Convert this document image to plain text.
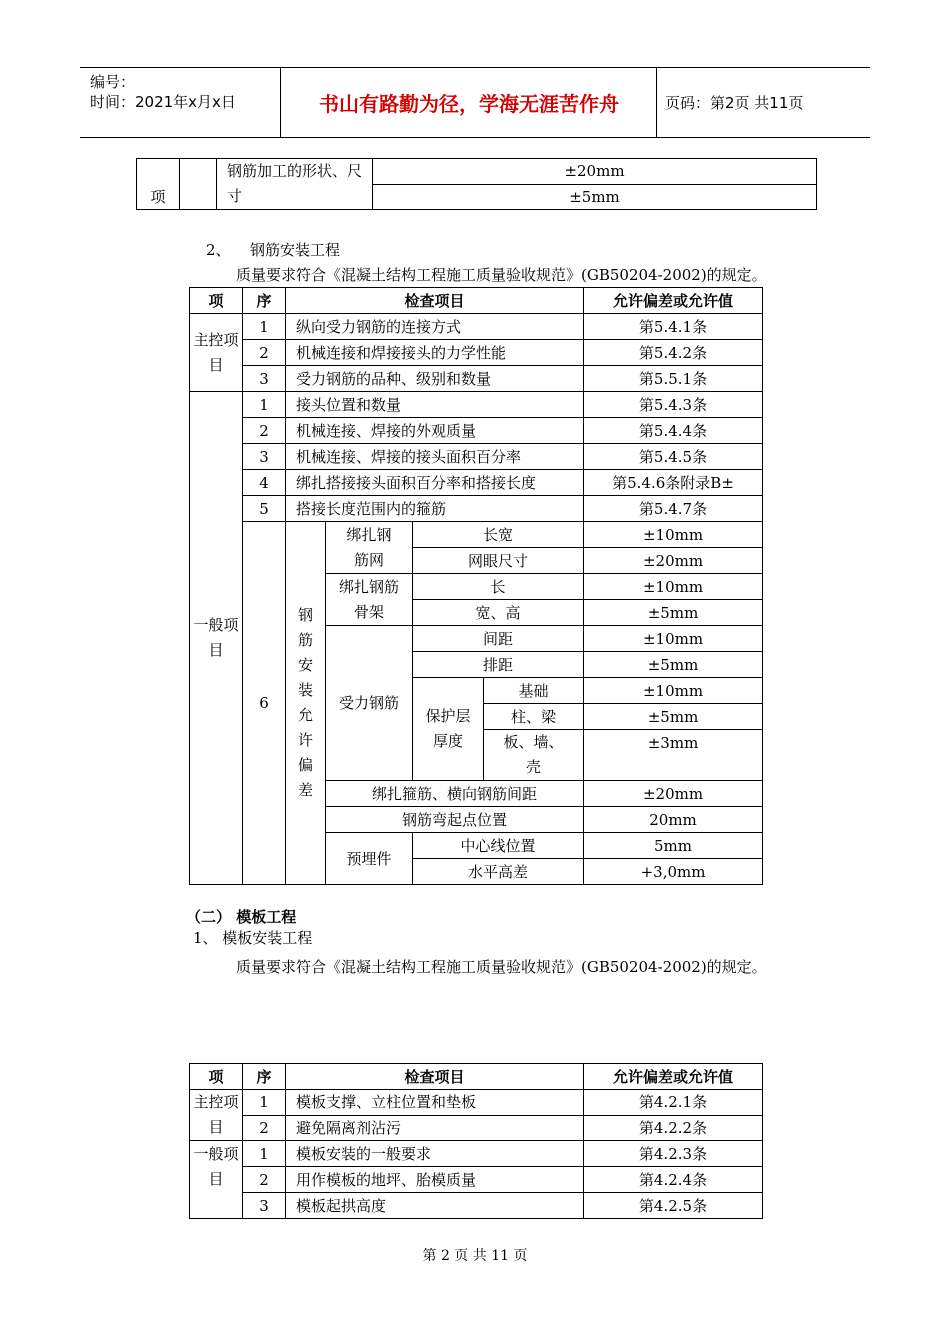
编号：
时间：2021年x月x日	书山有路勤为径，学海无涯苦作舟	页码：第2页 共11页
项		钢筋加工的形状、尺寸	±20mm
±5mm
2、 钢筋安装工程
质量要求符合《混凝土结构工程施工质量验收规范》(GB50204-2002)的规定。
项	序	检查项目				允许偏差或允许值
主控项目	1	纵向受力钢筋的连接方式				第5.4.1条
	2	机械连接和焊接接头的力学性能				第5.4.2条
	3	受力钢筋的品种、级别和数量				第5.5.1条
一般项目	1	接头位置和数量				第5.4.3条
	2	机械连接、焊接的外观质量				第5.4.4条
	3	机械连接、焊接的接头面积百分率				第5.4.5条
	4	绑扎搭接接头面积百分率和搭接长度				第5.4.6条附录B±
	5	搭接长度范围内的箍筋				第5.4.7条
	6	钢筋安装允许偏差	绑扎钢筋网	长宽		±10mm
				网眼尺寸		±20mm
			绑扎钢筋骨架	长		±10mm
				宽、高		±5mm
			受力钢筋	间距		±10mm
				排距		±5mm
				保护层厚度	基础	±10mm
					柱、梁	±5mm
					板、墙、壳	±3mm

			绑扎箍筋、横向钢筋间距			±20mm
			钢筋弯起点位置			20mm
			预埋件	中心线位置		5mm
				水平高差		+3,0mm
（二） 模板工程
1、 模板安装工程
质量要求符合《混凝土结构工程施工质量验收规范》(GB50204-2002)的规定。
项	序	检查项目	允许偏差或允许值
主控项目	1	模板支撑、立柱位置和垫板	第4.2.1条
	2	避免隔离剂沾污	第4.2.2条
一般项目	1	模板安装的一般要求	第4.2.3条
	2	用作模板的地坪、胎模质量	第4.2.4条
	3	模板起拱高度	第4.2.5条
第 2 页 共 11 页
